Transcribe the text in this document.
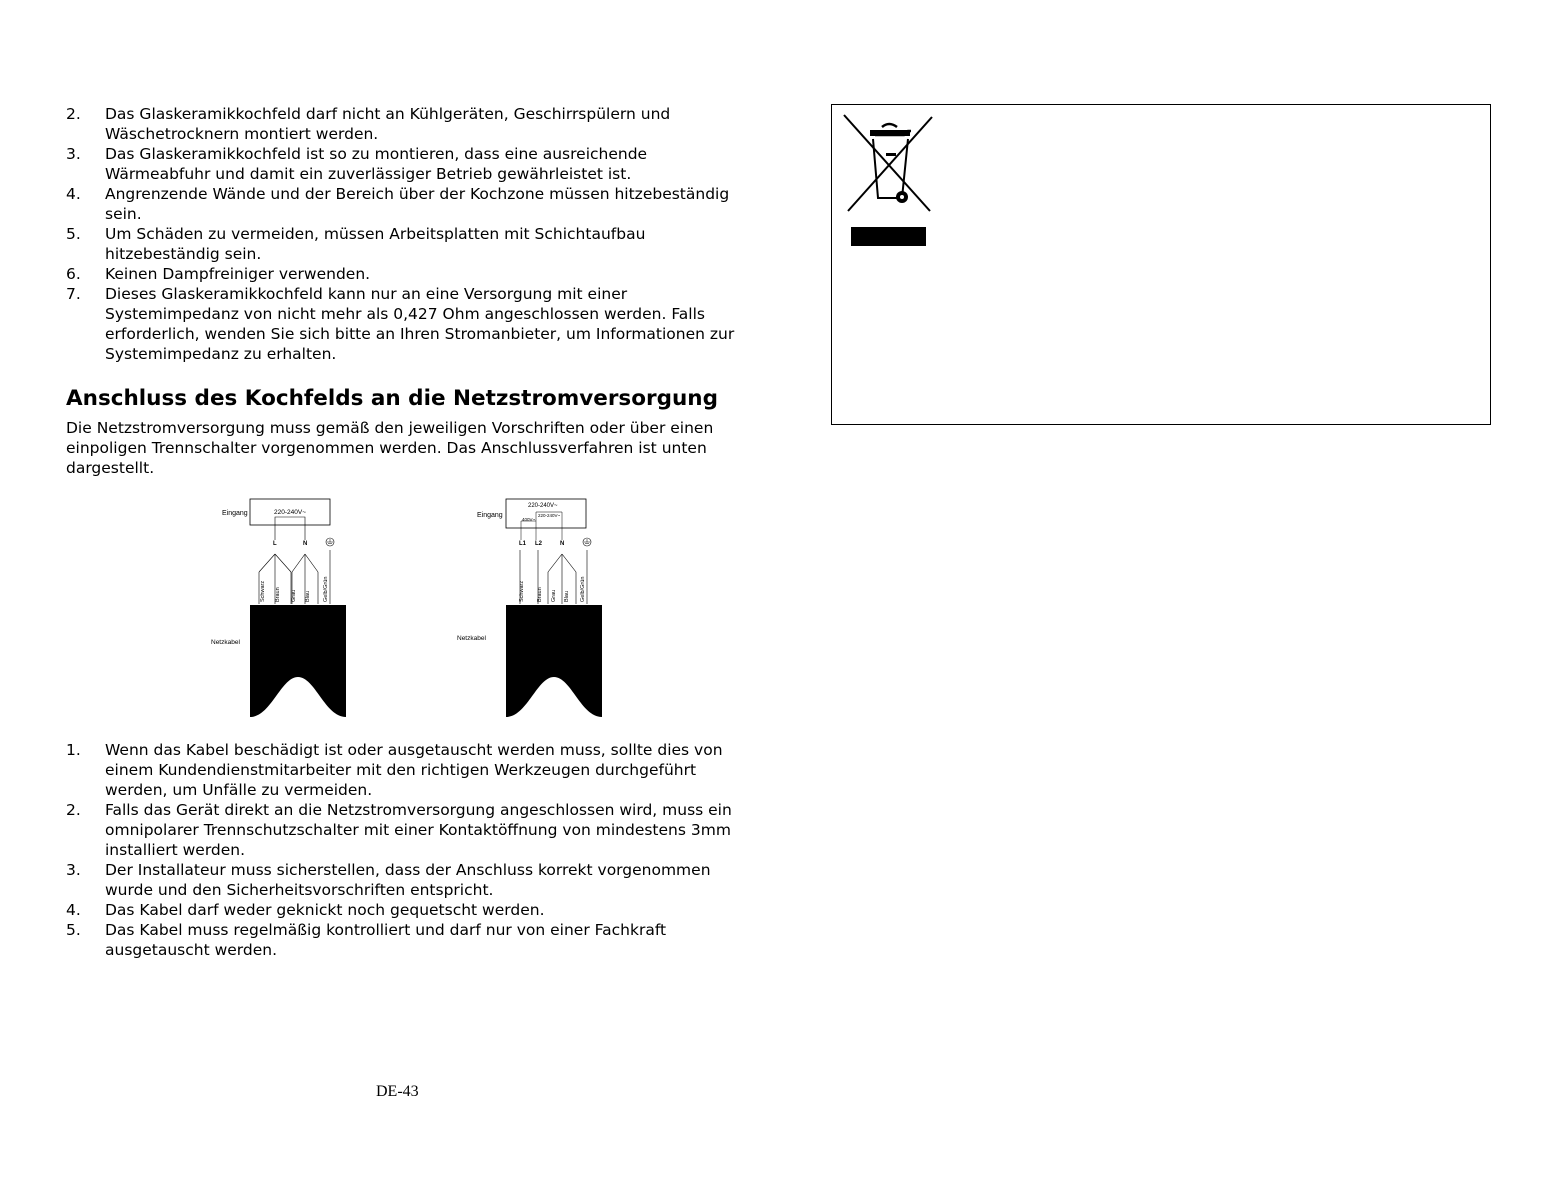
2. Das Glaskeramikkochfeld darf nicht an Kühlgeräten, Geschirrspülern und Wäschetrocknern montiert werden.
3. Das Glaskeramikkochfeld ist so zu montieren, dass eine ausreichende Wärmeabfuhr und damit ein zuverlässiger Betrieb gewährleistet ist.
4. Angrenzende Wände und der Bereich über der Kochzone müssen hitzebeständig sein.
5. Um Schäden zu vermeiden, müssen Arbeitsplatten mit Schichtaufbau hitzebeständig sein.
6. Keinen Dampfreiniger verwenden.
7. Dieses Glaskeramikkochfeld kann nur an eine Versorgung mit einer Systemimpedanz von nicht mehr als 0,427 Ohm angeschlossen werden. Falls erforderlich, wenden Sie sich bitte an Ihren Stromanbieter, um Informationen zur Systemimpedanz zu erhalten.
Anschluss des Kochfelds an die Netzstromversorgung

Die Netzstromversorgung muss gemäß den jeweiligen Vorschriften oder über einen einpoligen Trennschalter vorgenommen werden. Das Anschlussverfahren ist unten dargestellt.

Eingang	220-240V~
L	N
Schwarz Braun Grau Blau Gelb/Grün
Netzkabel
Eingang
220-240V~
220-240V~
400V~
L1 L2	N
Schwarz Braun Grau Blau Gelb/Grün
Netzkabel
1. Wenn das Kabel beschädigt ist oder ausgetauscht werden muss, sollte dies von einem Kundendienstmitarbeiter mit den richtigen Werkzeugen durchgeführt werden, um Unfälle zu vermeiden.
2. Falls das Gerät direkt an die Netzstromversorgung angeschlossen wird, muss ein omnipolarer Trennschutzschalter mit einer Kontaktöffnung von mindestens 3mm installiert werden.
3. Der Installateur muss sicherstellen, dass der Anschluss korrekt vorgenommen wurde und den Sicherheitsvorschriften entspricht.
4. Das Kabel darf weder geknickt noch gequetscht werden.
5. Das Kabel muss regelmäßig kontrolliert und darf nur von einer Fachkraft ausgetauscht werden.
DE-43
